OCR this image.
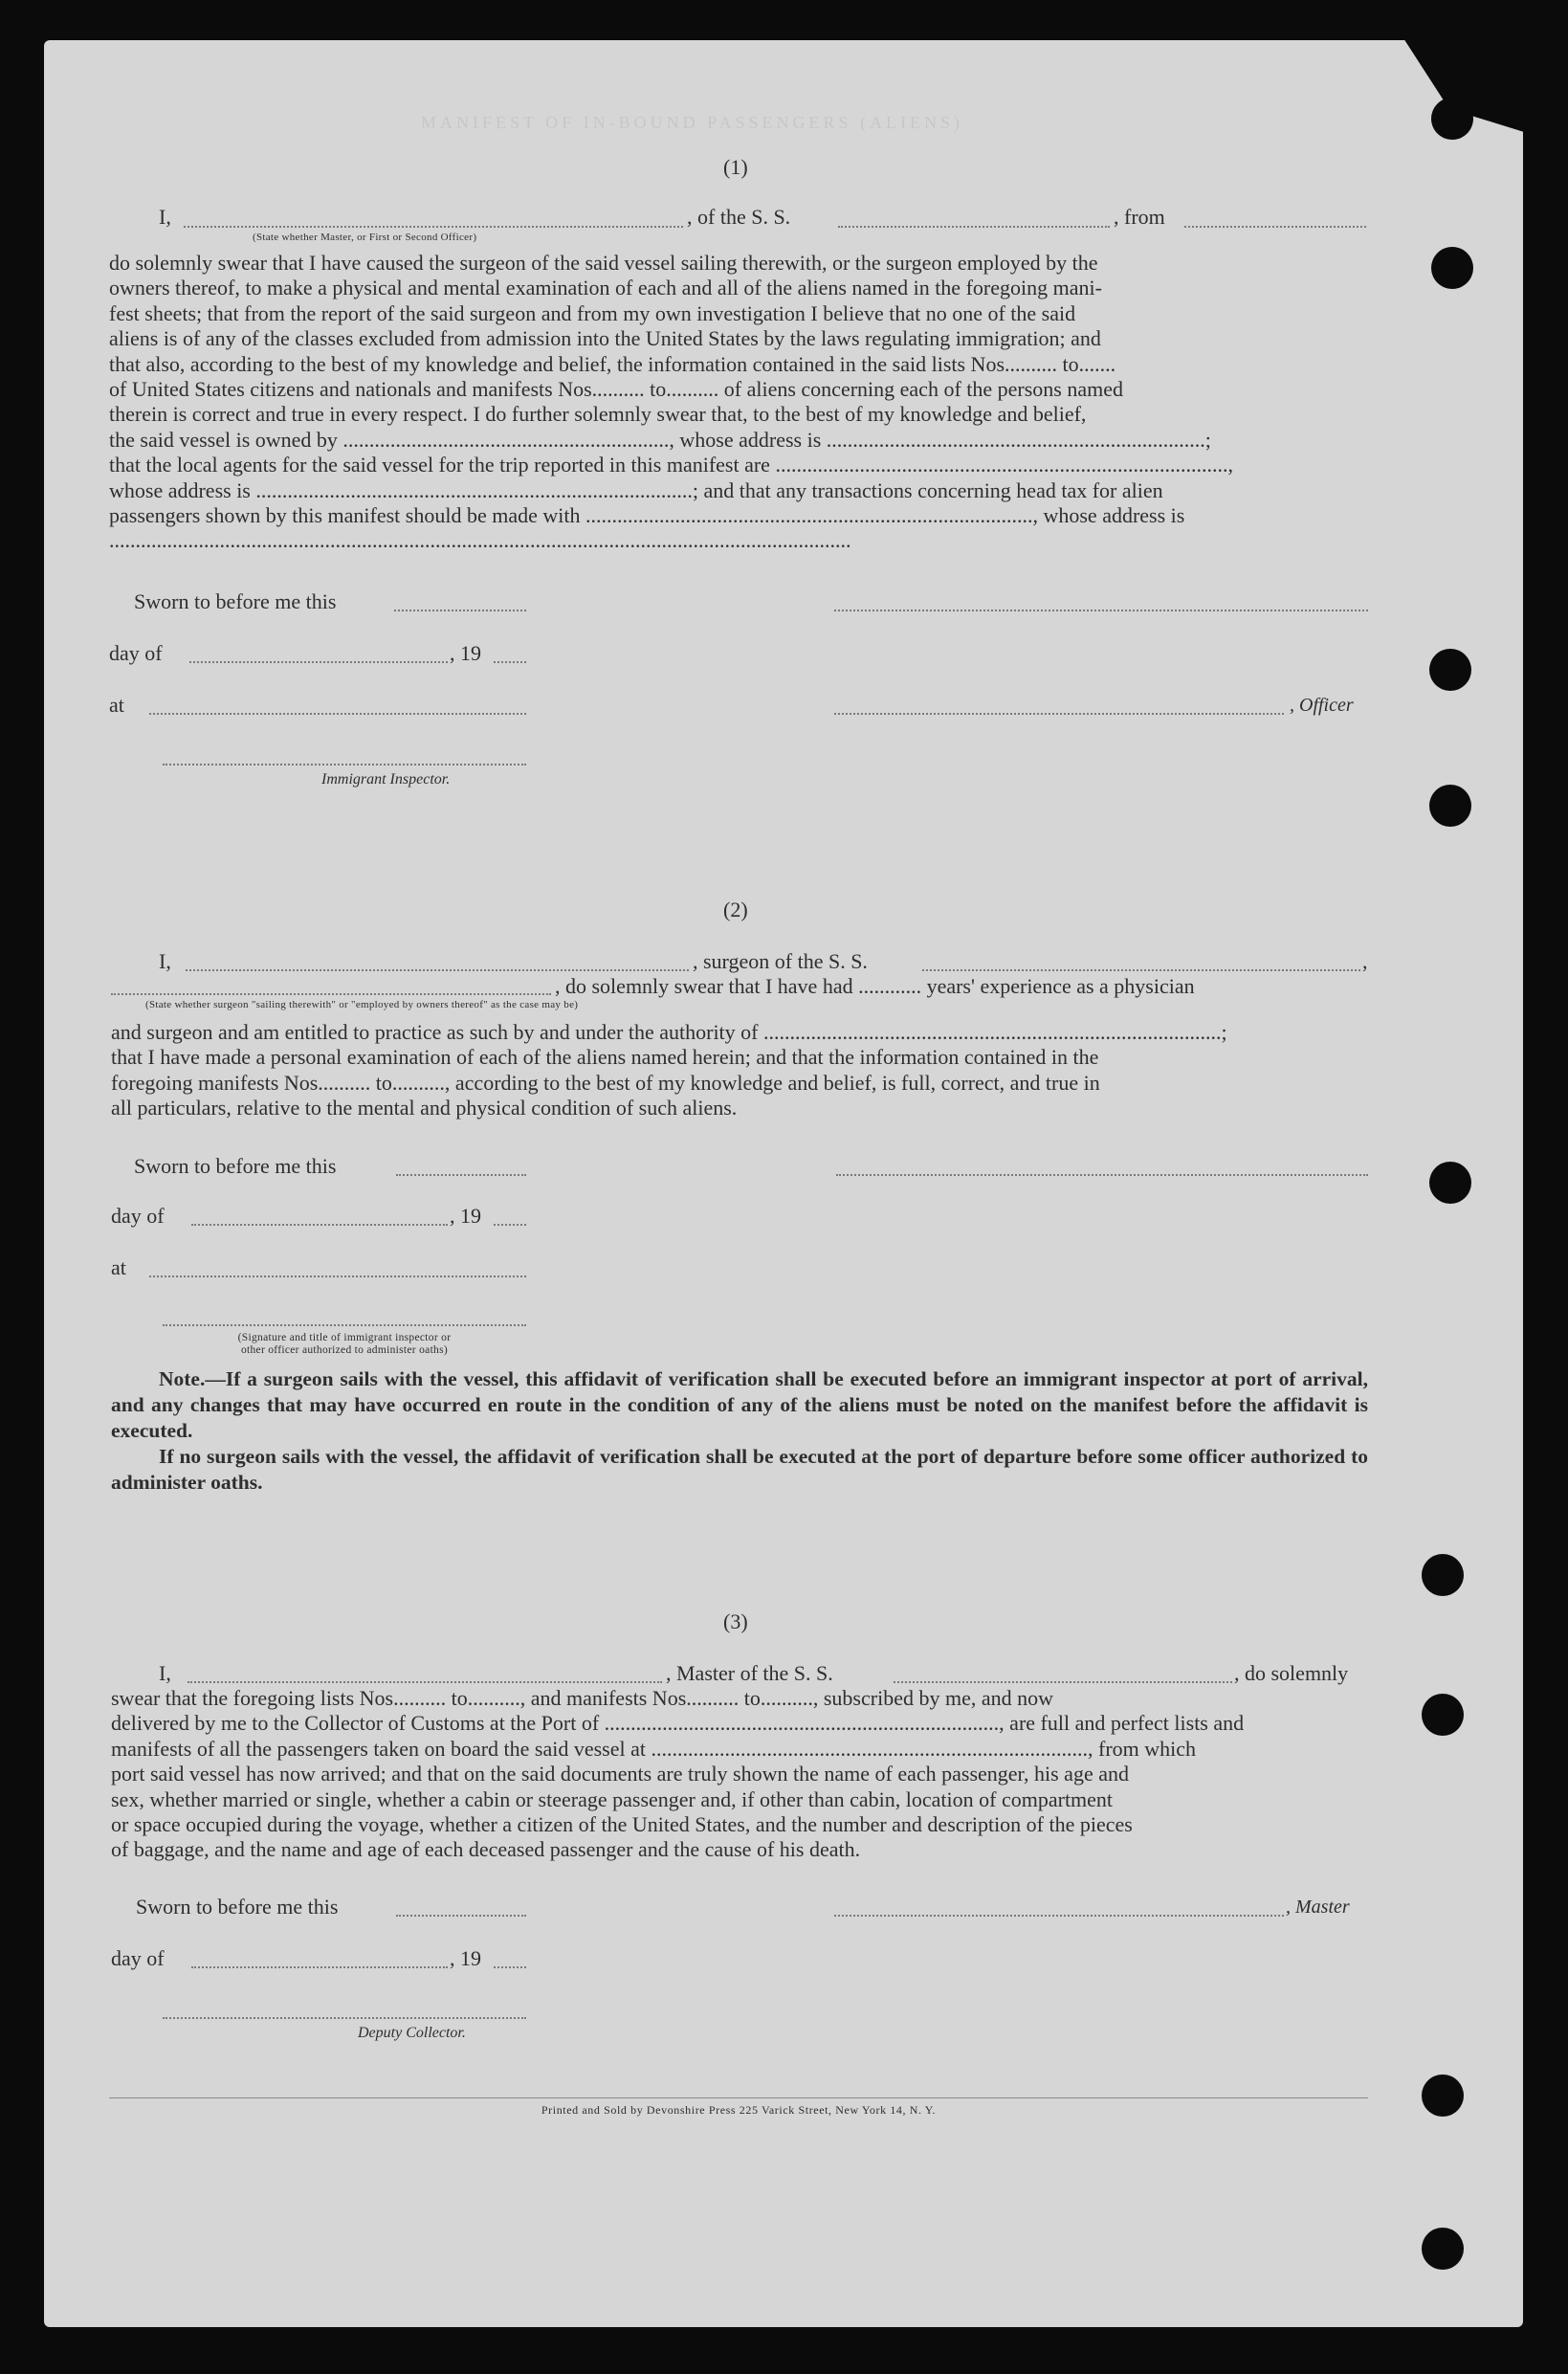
MANIFEST OF IN-BOUND PASSENGERS (ALIENS)
(1)
I,	, of the S. S.	, from
(State whether Master, or First or Second Officer)
do solemnly swear that I have caused the surgeon of the said vessel sailing therewith, or the surgeon employed by the
owners thereof, to make a physical and mental examination of each and all of the aliens named in the foregoing mani-
fest sheets; that from the report of the said surgeon and from my own investigation I believe that no one of the said
aliens is of any of the classes excluded from admission into the United States by the laws regulating immigration; and
that also, according to the best of my knowledge and belief, the information contained in the said lists Nos.......... to.......
of United States citizens and nationals and manifests Nos.......... to.......... of aliens concerning each of the persons named
therein is correct and true in every respect. I do further solemnly swear that, to the best of my knowledge and belief,
the said vessel is owned by .............................................................., whose address is ........................................................................;
that the local agents for the said vessel for the trip reported in this manifest are ......................................................................................,
whose address is ...................................................................................; and that any transactions concerning head tax for alien
passengers shown by this manifest should be made with ....................................................................................., whose address is
.............................................................................................................................................
Sworn to before me this
day of	, 19
at	, Officer
Immigrant Inspector.
(2)
I,	, surgeon of the S. S.	,
, do solemnly swear that I have had ............ years' experience as a physician
(State whether surgeon "sailing therewith" or "employed by owners thereof" as the case may be)
and surgeon and am entitled to practice as such by and under the authority of .......................................................................................;
that I have made a personal examination of each of the aliens named herein; and that the information contained in the
foregoing manifests Nos.......... to.........., according to the best of my knowledge and belief, is full, correct, and true in
all particulars, relative to the mental and physical condition of such aliens.
Sworn to before me this
day of	, 19
at
(Signature and title of immigrant inspector or
other officer authorized to administer oaths)
Note.—If a surgeon sails with the vessel, this affidavit of verification shall be executed before an immigrant inspector at port of arrival, and any changes that may have occurred en route in the condition of any of the aliens must be noted on the manifest before the affidavit is executed.
If no surgeon sails with the vessel, the affidavit of verification shall be executed at the port of departure before some officer authorized to administer oaths.
(3)
I,	, Master of the S. S.	, do solemnly
swear that the foregoing lists Nos.......... to.........., and manifests Nos.......... to.........., subscribed by me, and now
delivered by me to the Collector of Customs at the Port of ..........................................................................., are full and perfect lists and
manifests of all the passengers taken on board the said vessel at ..................................................................................., from which
port said vessel has now arrived; and that on the said documents are truly shown the name of each passenger, his age and
sex, whether married or single, whether a cabin or steerage passenger and, if other than cabin, location of compartment
or space occupied during the voyage, whether a citizen of the United States, and the number and description of the pieces
of baggage, and the name and age of each deceased passenger and the cause of his death.
Sworn to before me this	, Master
day of	, 19
Deputy Collector.
Printed and Sold by Devonshire Press 225 Varick Street, New York 14, N. Y.
